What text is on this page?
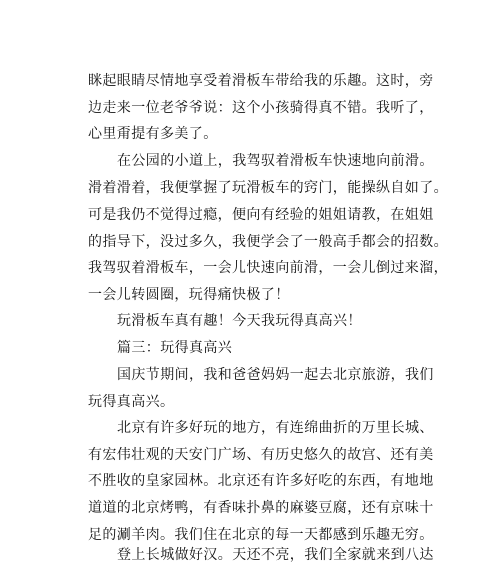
眯起眼睛尽情地享受着滑板车带给我的乐趣。这时，旁
边走来一位老爷爷说：这个小孩骑得真不错。我听了，
心里甭提有多美了。
在公园的小道上，我驾驭着滑板车快速地向前滑。
滑着滑着，我便掌握了玩滑板车的窍门，能操纵自如了。
可是我仍不觉得过瘾，便向有经验的姐姐请教，在姐姐
的指导下，没过多久，我便学会了一般高手都会的招数。
我驾驭着滑板车，一会儿快速向前滑，一会儿倒过来溜，
一会儿转圆圈，玩得痛快极了！
玩滑板车真有趣！今天我玩得真高兴！
篇三：玩得真高兴
国庆节期间，我和爸爸妈妈一起去北京旅游，我们
玩得真高兴。
北京有许多好玩的地方，有连绵曲折的万里长城、
有宏伟壮观的天安门广场、有历史悠久的故宫、还有美
不胜收的皇家园林。北京还有许多好吃的东西，有地地
道道的北京烤鸭，有香味扑鼻的麻婆豆腐，还有京味十
足的涮羊肉。我们住在北京的每一天都感到乐趣无穷。
登上长城做好汉。天还不亮，我们全家就来到八达
